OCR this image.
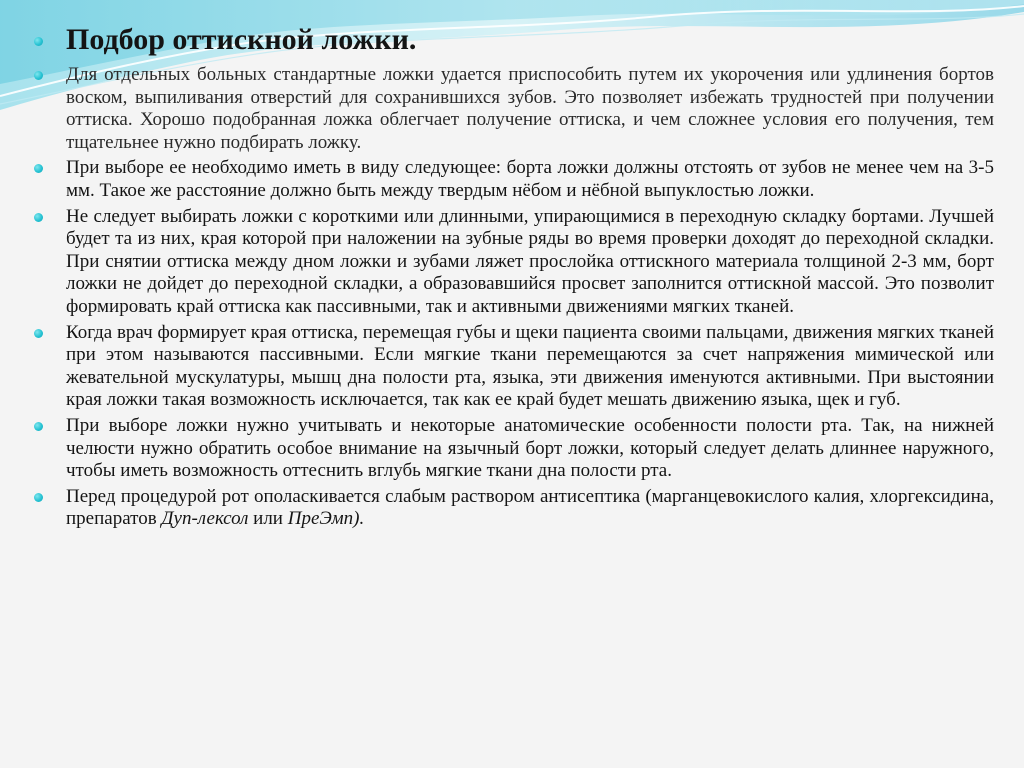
Подбор оттискной ложки.
Для отдельных больных стандартные ложки удается приспособить путем их укорочения или удлинения бортов воском, выпиливания отверстий для сохранившихся зубов. Это позволяет избежать трудностей при получении оттиска. Хорошо подобранная ложка облегчает получение оттиска, и чем сложнее условия его получения, тем тщательнее нужно подбирать ложку.
При выборе ее необходимо иметь в виду следующее: борта ложки должны отстоять от зубов не менее чем на 3-5 мм. Такое же расстояние должно быть между твердым нёбом и нёбной выпуклостью ложки.
Не следует выбирать ложки с короткими или длинными, упирающимися в переходную складку бортами. Лучшей будет та из них, края которой при наложении на зубные ряды во время проверки доходят до переходной складки. При снятии оттиска между дном ложки и зубами ляжет прослойка оттискного материала толщиной 2-3 мм, борт ложки не дойдет до переходной складки, а образовавшийся просвет заполнится оттискной массой. Это позволит формировать край оттиска как пассивными, так и активными движениями мягких тканей.
Когда врач формирует края оттиска, перемещая губы и щеки пациента своими пальцами, движения мягких тканей при этом называются пассивными. Если мягкие ткани перемещаются за счет напряжения мимической или жевательной мускулатуры, мышц дна полости рта, языка, эти движения именуются активными. При выстоянии края ложки такая возможность исключается, так как ее край будет мешать движению языка, щек и губ.
При выборе ложки нужно учитывать и некоторые анатомические особенности полости рта. Так, на нижней челюсти нужно обратить особое внимание на язычный борт ложки, который следует делать длиннее наружного, чтобы иметь возможность оттеснить вглубь мягкие ткани дна полости рта.
Перед процедурой рот ополаскивается слабым раствором антисептика (марганцевокислого калия, хлоргексидина, препаратов Дуп-лексол или ПреЭмп).
